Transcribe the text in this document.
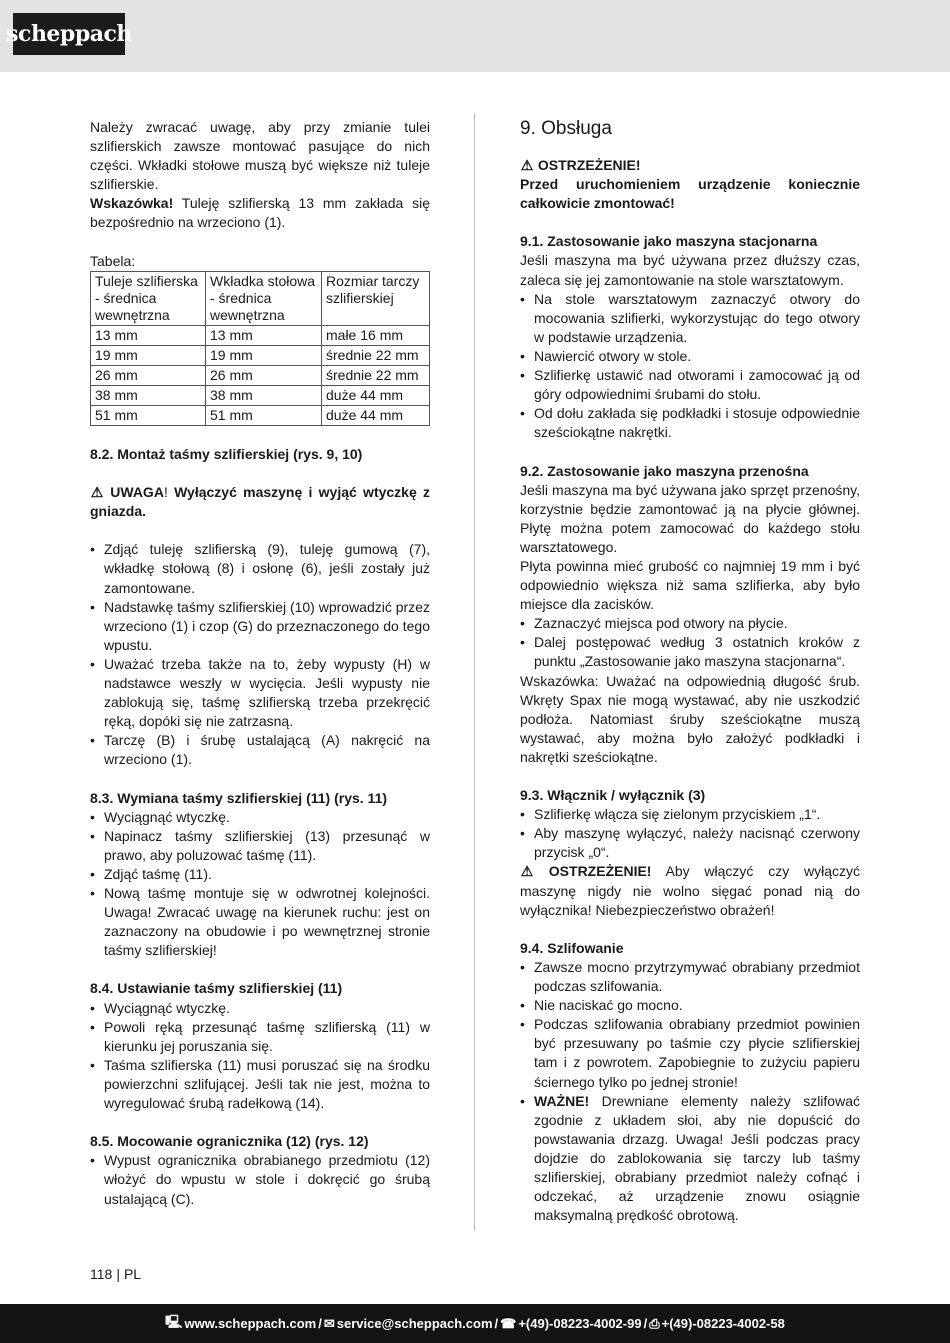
scheppach

Należy zwracać uwagę, aby przy zmianie tulei szlifierskich zawsze montować pasujące do nich części. Wkładki stołowe muszą być większe niż tuleje szlifierskie.

Wskazówka! Tuleję szlifierską 13 mm zakłada się bezpośrednio na wrzeciono (1).

Tabela:

Tuleje szlifierska - średnica wewnętrzna	Wkładka stołowa - średnica wewnętrzna	Rozmiar tarczy szlifierskiej
13 mm	13 mm	małe 16 mm
19 mm	19 mm	średnie 22 mm
26 mm	26 mm	średnie 22 mm
38 mm	38 mm	duże 44 mm
51 mm	51 mm	duże 44 mm
8.2. Montaż taśmy szlifierskiej (rys. 9, 10)

⚠ UWAGA! Wyłączyć maszynę i wyjąć wtyczkę z gniazda.

• Zdjąć tuleję szlifierską (9), tuleję gumową (7), wkładkę stołową (8) i osłonę (6), jeśli zostały już zamontowane.
• Nadstawkę taśmy szlifierskiej (10) wprowadzić przez wrzeciono (1) i czop (G) do przeznaczonego do tego wpustu.
• Uważać trzeba także na to, żeby wypusty (H) w nadstawce weszły w wycięcia. Jeśli wypusty nie zablokują się, taśmę szlifierską trzeba przekręcić ręką, dopóki się nie zatrzasną.
• Tarczę (B) i śrubę ustalającą (A) nakręcić na wrzeciono (1).
8.3. Wymiana taśmy szlifierskiej (11) (rys. 11)
• Wyciągnąć wtyczkę.
• Napinacz taśmy szlifierskiej (13) przesunąć w prawo, aby poluzować taśmę (11).
• Zdjąć taśmę (11).
• Nową taśmę montuje się w odwrotnej kolejności. Uwaga! Zwracać uwagę na kierunek ruchu: jest on zaznaczony na obudowie i po wewnętrznej stronie taśmy szlifierskiej!
8.4. Ustawianie taśmy szlifierskiej (11)
• Wyciągnąć wtyczkę.
• Powoli ręką przesunąć taśmę szlifierską (11) w kierunku jej poruszania się.
• Taśma szlifierska (11) musi poruszać się na środku powierzchni szlifującej. Jeśli tak nie jest, można to wyregulować śrubą radełkową (14).
8.5. Mocowanie ogranicznika (12) (rys. 12)
• Wypust ogranicznika obrabianego przedmiotu (12) włożyć do wpustu w stole i dokręcić go śrubą ustalającą (C).
9. Obsługa

⚠ OSTRZEŻENIE!

Przed uruchomieniem urządzenie koniecznie całkowicie zmontować!

9.1. Zastosowanie jako maszyna stacjonarna

Jeśli maszyna ma być używana przez dłuższy czas, zaleca się jej zamontowanie na stole warsztatowym.

• Na stole warsztatowym zaznaczyć otwory do mocowania szlifierki, wykorzystując do tego otwory w podstawie urządzenia.
• Nawiercić otwory w stole.
• Szlifierkę ustawić nad otworami i zamocować ją od góry odpowiednimi śrubami do stołu.
• Od dołu zakłada się podkładki i stosuje odpowiednie sześciokątne nakrętki.
9.2. Zastosowanie jako maszyna przenośna

Jeśli maszyna ma być używana jako sprzęt przenośny, korzystnie będzie zamontować ją na płycie głównej. Płytę można potem zamocować do każdego stołu warsztatowego.

Płyta powinna mieć grubość co najmniej 19 mm i być odpowiednio większa niż sama szlifierka, aby było miejsce dla zacisków.

• Zaznaczyć miejsca pod otwory na płycie.
• Dalej postępować według 3 ostatnich kroków z punktu „Zastosowanie jako maszyna stacjonarna“.

Wskazówka: Uważać na odpowiednią długość śrub. Wkręty Spax nie mogą wystawać, aby nie uszkodzić podłoża. Natomiast śruby sześciokątne muszą wystawać, aby można było założyć podkładki i nakrętki sześciokątne.

9.3. Włącznik / wyłącznik (3)
• Szlifierkę włącza się zielonym przyciskiem „1“.
• Aby maszynę wyłączyć, należy nacisnąć czerwony przycisk „0“.

⚠ OSTRZEŻENIE! Aby włączyć czy wyłączyć maszynę nigdy nie wolno sięgać ponad nią do wyłącznika! Niebezpieczeństwo obrażeń!

9.4. Szlifowanie
• Zawsze mocno przytrzymywać obrabiany przedmiot podczas szlifowania.
• Nie naciskać go mocno.
• Podczas szlifowania obrabiany przedmiot powinien być przesuwany po taśmie czy płycie szlifierskiej tam i z powrotem. Zapobiegnie to zużyciu papieru ściernego tylko po jednej stronie!
• WAŻNE! Drewniane elementy należy szlifować zgodnie z układem słoi, aby nie dopuścić do powstawania drzazg. Uwaga! Jeśli podczas pracy dojdzie do zablokowania się tarczy lub taśmy szlifierskiej, obrabiany przedmiot należy cofnąć i odczekać, aż urządzenie znowu osiągnie maksymalną prędkość obrotową.
118 | PL
🖳 www.scheppach.com / ✉ service@scheppach.com / ☎ +(49)-08223-4002-99 / ⎙ +(49)-08223-4002-58
